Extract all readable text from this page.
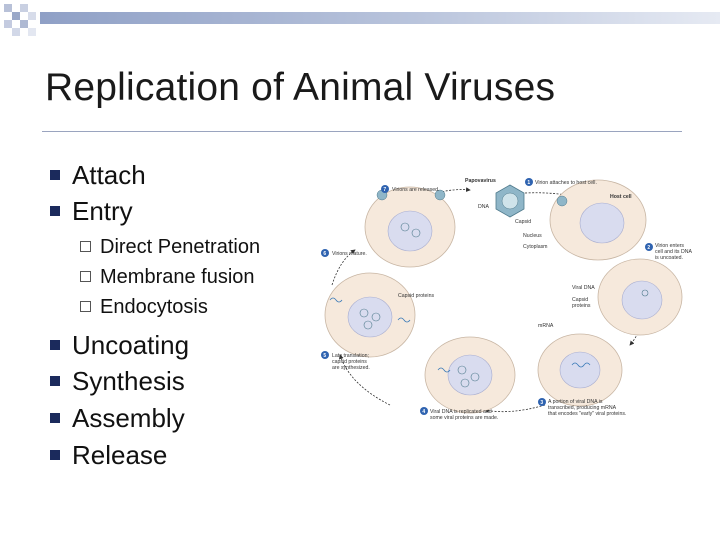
Replication of Animal Viruses
Attach
Entry
Direct Penetration
Membrane fusion
Endocytosis
Uncoating
Synthesis
Assembly
Release
1
2
3
4
5
6
7
Virion attaches to host cell.
Papovavirus
Host cell
DNA
Capsid
Nucleus
Cytoplasm	Virion enters
cell and its DNA
is uncoated.
Viral DNA
Capsid
proteins
mRNA
A portion of viral DNA is
transcribed, producing mRNA
that encodes "early" viral proteins.
Viral DNA is replicated and
some viral proteins are made.
Late translation;
capsid proteins
are synthesized.
Virions mature.
Virions are released.
Capsid proteins
